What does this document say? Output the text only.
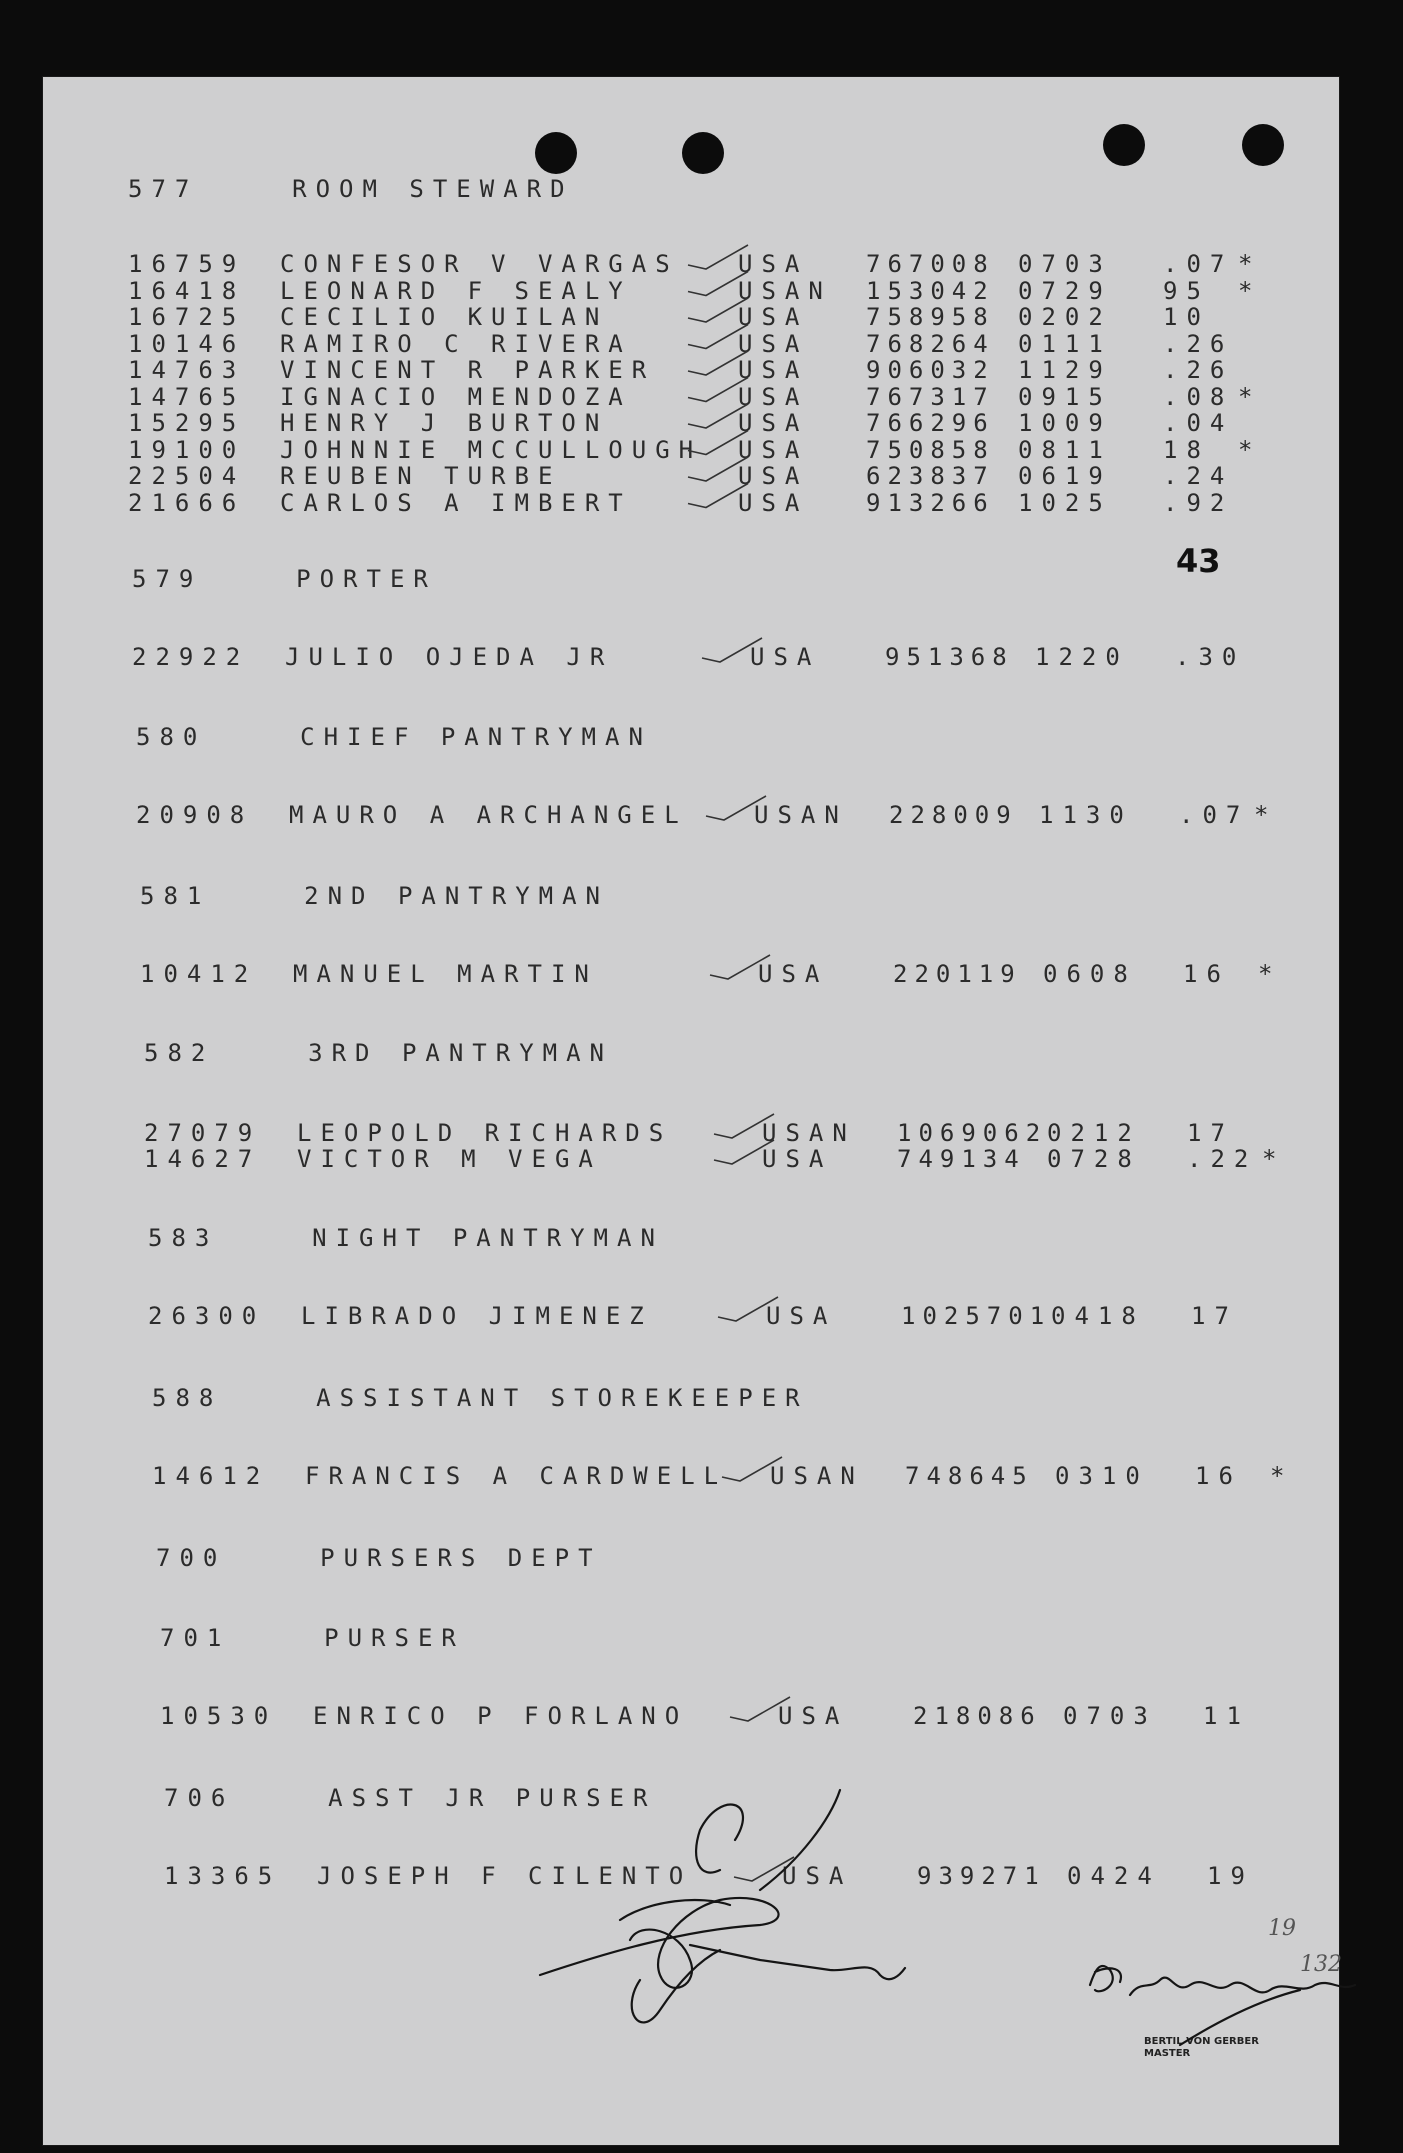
577	ROOM STEWARD
16759 CONFESOR V VARGAS USA 767008 0703 .07 *
16418 LEONARD F SEALY	USAN 153042 0729 95 *
16725 CECILIO KUILAN	USA 758958 0202 10
10146 RAMIRO C RIVERA	USA 768264 0111 .26
14763 VINCENT R PARKER	USA 906032 1129 .26
14765 IGNACIO MENDOZA	USA 767317 0915 .08 *
15295 HENRY J BURTON	USA 766296 1009 .04
19100 JOHNNIE MCCULLOUGH USA 750858 0811 18 *
22504 REUBEN TURBE	USA 623837 0619 .24
21666 CARLOS A IMBERT	USA 913266 1025 .92
579	PORTER
22922 JULIO OJEDA JR	USA	951368 1220 .30
580	CHIEF PANTRYMAN
20908 MAURO A ARCHANGEL	USAN 228009 1130 .07 *
581	2ND PANTRYMAN
10412 MANUEL MARTIN	USA	220119 0608 16 *
582	3RD PANTRYMAN
27079 LEOPOLD RICHARDS	USAN 1069062 0212 17
14627 VICTOR M VEGA	USA	749134 0728 .22 *
583	NIGHT PANTRYMAN
26300 LIBRADO JIMENEZ	USA	1025701 0418 17
588	ASSISTANT STOREKEEPER
14612 FRANCIS A CARDWELL USAN 748645 0310 16 *
700	PURSERS DEPT
701	PURSER
10530 ENRICO P FORLANO	USA	218086 0703 11
706	ASST JR PURSER
13365 JOSEPH F CILENTO	USA	939271 0424 19
43
19
132
BERTIL VON GERBER
MASTER
